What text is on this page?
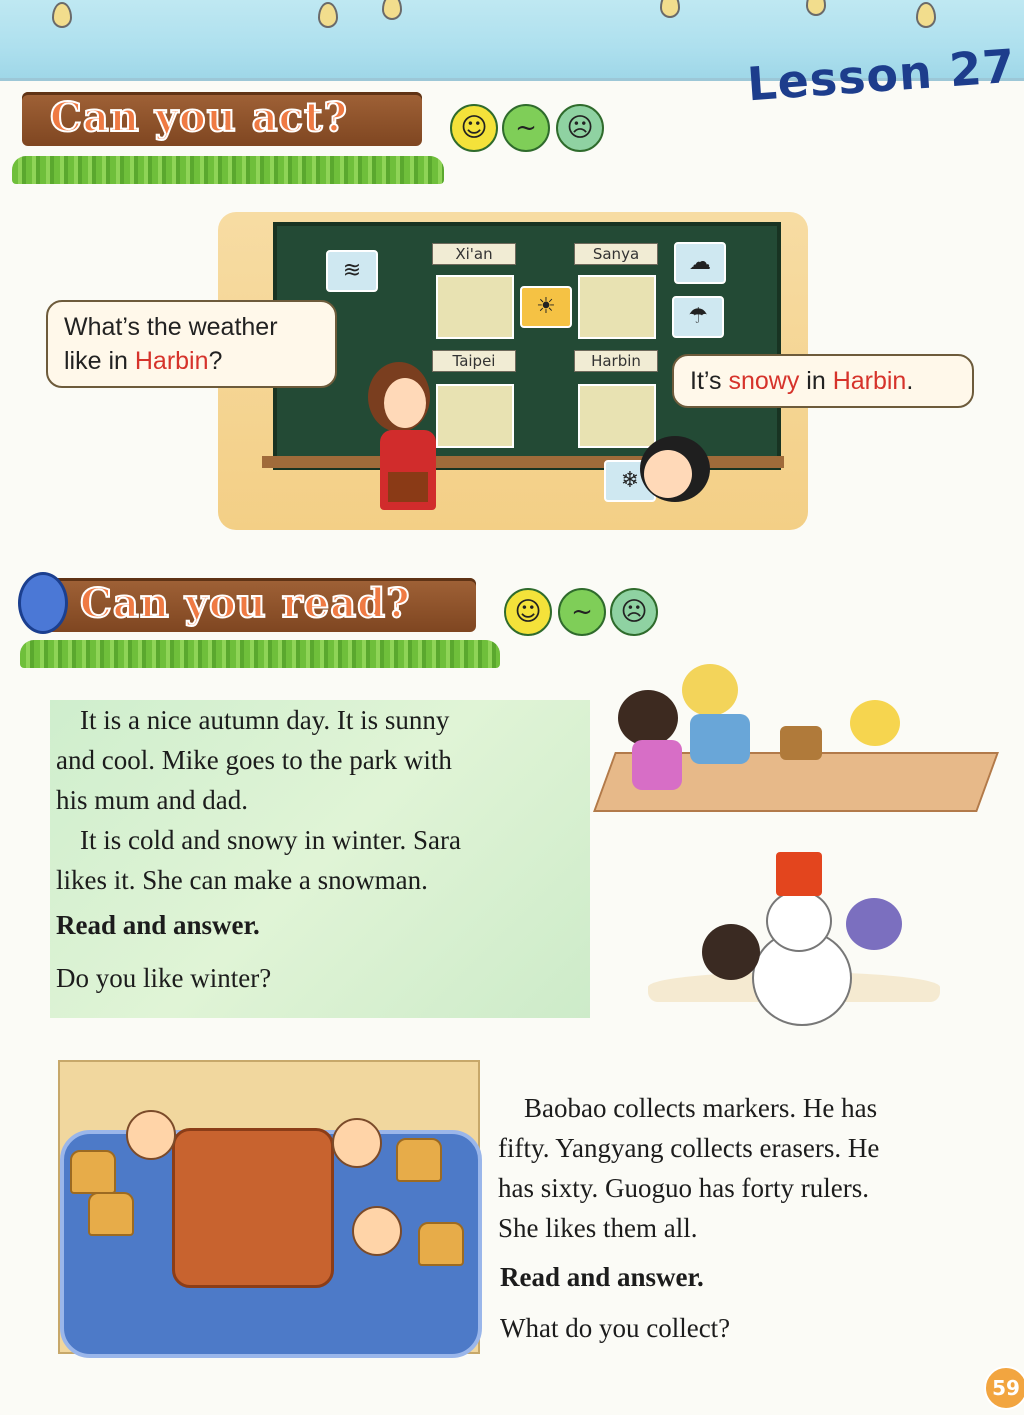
Lesson 27
Can you act?	☺	~	☹
Xi'an	Sanya
Taipei	Harbin
≋
☀
☁
☂
❄
What’s the weather
like in Harbin?
It’s snowy in Harbin.
Can you read?	☺	~	☹
It is a nice autumn day. It is sunny
and cool. Mike goes to the park with
his mum and dad.
It is cold and snowy in winter. Sara
likes it. She can make a snowman.
Read and answer.
Do you like winter?
Baobao collects markers. He has
fifty. Yangyang collects erasers. He
has sixty. Guoguo has forty rulers.
She likes them all.
Read and answer.
What do you collect?
59
